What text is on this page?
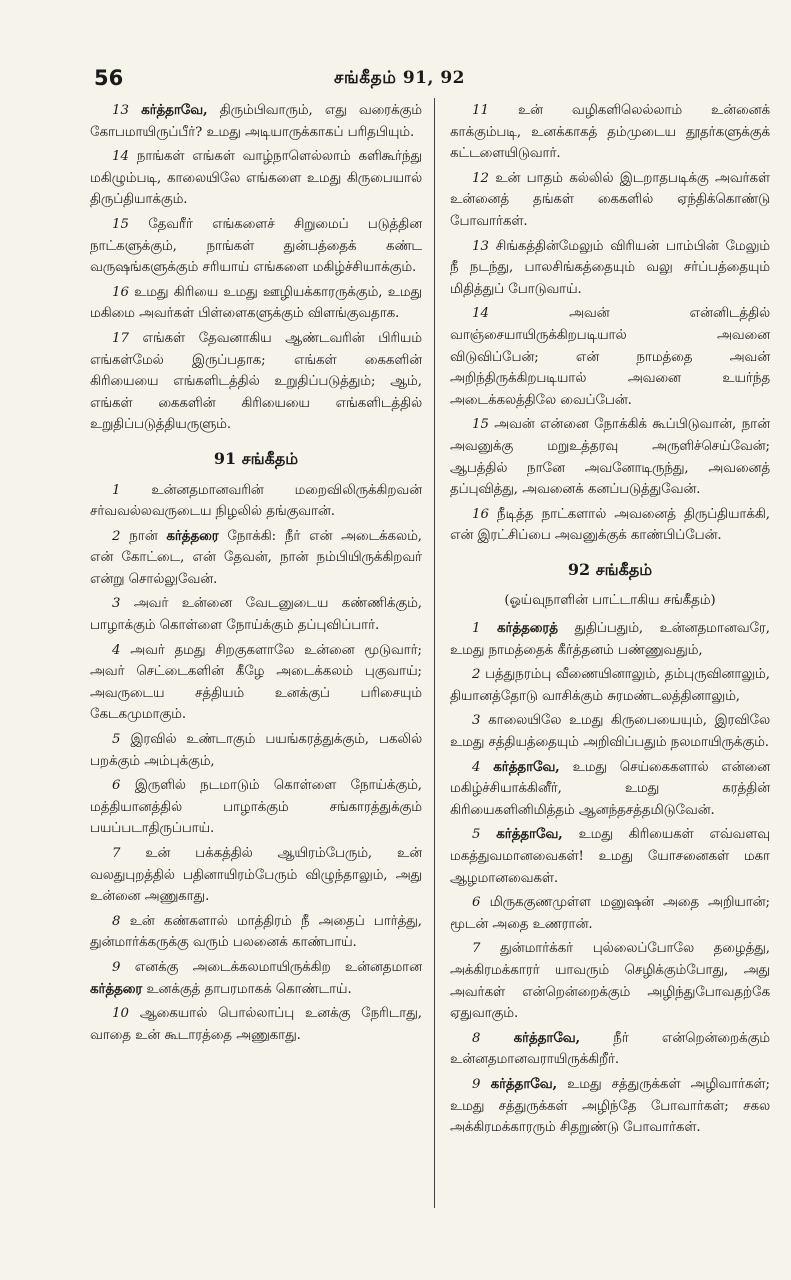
56	சங்கீதம் 91, 92

13 கர்த்தாவே, திரும்பிவாரும், எது வரைக்கும் கோபமாயிருப்பீர்? உமது அடியாருக்காகப் பரிதபியும்.

14 நாங்கள் எங்கள் வாழ்நாளெல்லாம் களிகூர்ந்து மகிழும்படி, காலையிலே எங்களை உமது கிருபையால் திருப்தியாக்கும்.

15 தேவரீர் எங்களைச் சிறுமைப் படுத்தின நாட்களுக்கும், நாங்கள் துன்பத்தைக் கண்ட வருஷங்களுக்கும் சரியாய் எங்களை மகிழ்ச்சியாக்கும்.

16 உமது கிரியை உமது ஊழியக்காரருக்கும், உமது மகிமை அவர்கள் பிள்ளைகளுக்கும் விளங்குவதாக.

17 எங்கள் தேவனாகிய ஆண்டவரின் பிரியம் எங்கள்மேல் இருப்பதாக; எங்கள் கைகளின் கிரியையை எங்களிடத்தில் உறுதிப்படுத்தும்; ஆம், எங்கள் கைகளின் கிரியையை எங்களிடத்தில் உறுதிப்படுத்தியருளும்.

91 சங்கீதம்

1 உன்னதமானவரின் மறைவிலிருக்கிறவன் சர்வவல்லவருடைய நிழலில் தங்குவான்.

2 நான் கர்த்தரை நோக்கி: நீர் என் அடைக்கலம், என் கோட்டை, என் தேவன், நான் நம்பியிருக்கிறவர் என்று சொல்லுவேன்.

3 அவர் உன்னை வேடனுடைய கண்ணிக்கும், பாழாக்கும் கொள்ளை நோய்க்கும் தப்புவிப்பார்.

4 அவர் தமது சிறகுகளாலே உன்னை மூடுவார்; அவர் செட்டைகளின் கீழே அடைக்கலம் புகுவாய்; அவருடைய சத்தியம் உனக்குப் பரிசையும் கேடகமுமாகும்.

5 இரவில் உண்டாகும் பயங்கரத்துக்கும், பகலில் பறக்கும் அம்புக்கும்,

6 இருளில் நடமாடும் கொள்ளை நோய்க்கும், மத்தியானத்தில் பாழாக்கும் சங்காரத்துக்கும் பயப்படாதிருப்பாய்.

7 உன் பக்கத்தில் ஆயிரம்பேரும், உன் வலதுபுறத்தில் பதினாயிரம்பேரும் விழுந்தாலும், அது உன்னை அணுகாது.

8 உன் கண்களால் மாத்திரம் நீ அதைப் பார்த்து, துன்மார்க்கருக்கு வரும் பலனைக் காண்பாய்.

9 எனக்கு அடைக்கலமாயிருக்கிற உன்னதமான கர்த்தரை உனக்குத் தாபரமாகக் கொண்டாய்.

10 ஆகையால் பொல்லாப்பு உனக்கு நேரிடாது, வாதை உன் கூடாரத்தை அணுகாது.

11 உன் வழிகளிலெல்லாம் உன்னைக் காக்கும்படி, உனக்காகத் தம்முடைய தூதர்களுக்குக் கட்டளையிடுவார்.

12 உன் பாதம் கல்லில் இடறாதபடிக்கு அவர்கள் உன்னைத் தங்கள் கைகளில் ஏந்திக்கொண்டு போவார்கள்.

13 சிங்கத்தின்மேலும் விரியன் பாம்பின் மேலும் நீ நடந்து, பாலசிங்கத்தையும் வலு சர்ப்பத்தையும் மிதித்துப் போடுவாய்.

14	அவன் என்னிடத்தில் வாஞ்சையாயிருக்கிறபடியால் அவனை விடுவிப்பேன்; என் நாமத்தை அவன் அறிந்திருக்கிறபடியால் அவனை உயர்ந்த அடைக்கலத்திலே வைப்பேன்.

15 அவன் என்னை நோக்கிக் கூப்பிடுவான், நான் அவனுக்கு மறுஉத்தரவு அருளிச்செய்வேன்; ஆபத்தில் நானே அவனோடிருந்து, அவனைத் தப்புவித்து, அவனைக் கனப்படுத்துவேன்.

16 நீடித்த நாட்களால் அவனைத் திருப்தியாக்கி, என் இரட்சிப்பை அவனுக்குக் காண்பிப்பேன்.

92 சங்கீதம்

(ஓய்வுநாளின் பாட்டாகிய சங்கீதம்)

1 கர்த்தரைத் துதிப்பதும், உன்னதமானவரே, உமது நாமத்தைக் கீர்த்தனம் பண்ணுவதும்,

2 பத்துநரம்பு வீணையினாலும், தம்புருவினாலும், தியானத்தோடு வாசிக்கும் சுரமண்டலத்தினாலும்,

3 காலையிலே உமது கிருபையையும், இரவிலே உமது சத்தியத்தையும் அறிவிப்பதும் நலமாயிருக்கும்.

4 கர்த்தாவே, உமது செய்கைகளால் என்னை மகிழ்ச்சியாக்கினீர், உமது கரத்தின் கிரியைகளினிமித்தம் ஆனந்தசத்தமிடுவேன்.

5 கர்த்தாவே, உமது கிரியைகள் எவ்வளவு மகத்துவமானவைகள்! உமது யோசனைகள் மகா ஆழமானவைகள்.

6 மிருககுணமுள்ள மனுஷன் அதை அறியான்; மூடன் அதை உணரான்.

7 துன்மார்க்கர் புல்லைப்போலே தழைத்து, அக்கிரமக்காரர் யாவரும் செழிக்கும்போது, அது அவர்கள் என்றென்றைக்கும் அழிந்துபோவதற்கே ஏதுவாகும்.

8 கர்த்தாவே, நீர் என்றென்றைக்கும் உன்னதமானவராயிருக்கிறீர்.

9 கர்த்தாவே, உமது சத்துருக்கள் அழிவார்கள்; உமது சத்துருக்கள் அழிந்தே போவார்கள்; சகல அக்கிரமக்காரரும் சிதறுண்டு போவார்கள்.
